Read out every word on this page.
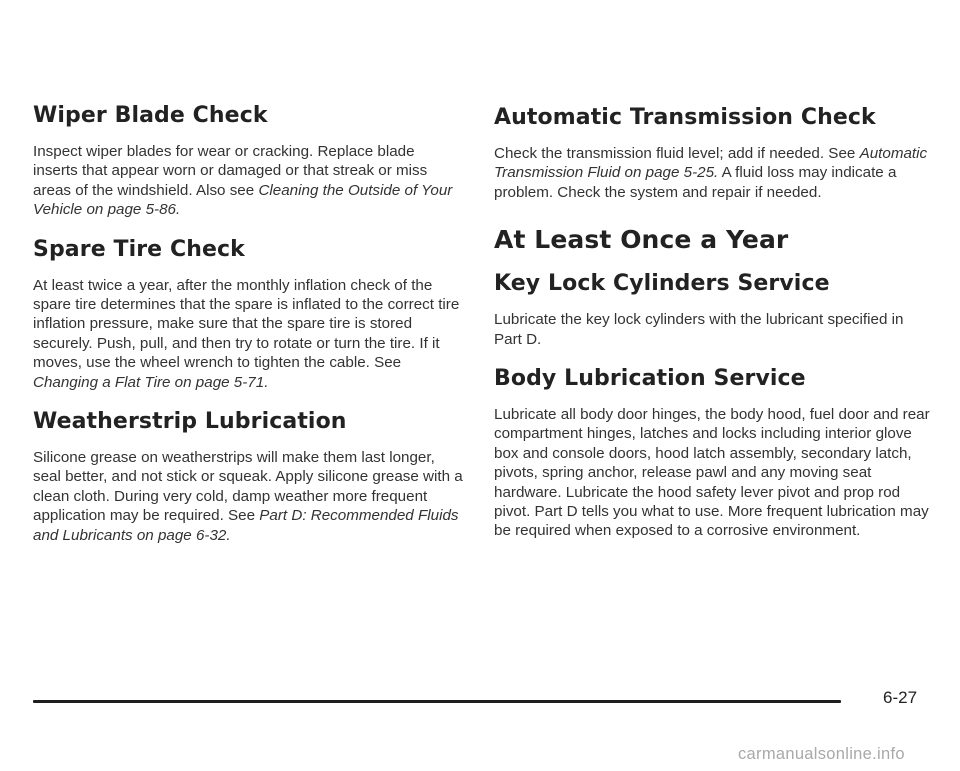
Wiper Blade Check

Inspect wiper blades for wear or cracking. Replace blade inserts that appear worn or damaged or that streak or miss areas of the windshield. Also see Cleaning the Outside of Your Vehicle on page 5-86.

Spare Tire Check

At least twice a year, after the monthly inflation check of the spare tire determines that the spare is inflated to the correct tire inflation pressure, make sure that the spare tire is stored securely. Push, pull, and then try to rotate or turn the tire. If it moves, use the wheel wrench to tighten the cable. See Changing a Flat Tire on page 5-71.

Weatherstrip Lubrication

Silicone grease on weatherstrips will make them last longer, seal better, and not stick or squeak. Apply silicone grease with a clean cloth. During very cold, damp weather more frequent application may be required. See Part D: Recommended Fluids and Lubricants on page 6-32.

Automatic Transmission Check

Check the transmission fluid level; add if needed. See Automatic Transmission Fluid on page 5-25. A fluid loss may indicate a problem. Check the system and repair if needed.

At Least Once a Year
Key Lock Cylinders Service

Lubricate the key lock cylinders with the lubricant specified in Part D.

Body Lubrication Service

Lubricate all body door hinges, the body hood, fuel door and rear compartment hinges, latches and locks including interior glove box and console doors, hood latch assembly, secondary latch, pivots, spring anchor, release pawl and any moving seat hardware. Lubricate the hood safety lever pivot and prop rod pivot. Part D tells you what to use. More frequent lubrication may be required when exposed to a corrosive environment.

6-27
carmanualsonline.info
